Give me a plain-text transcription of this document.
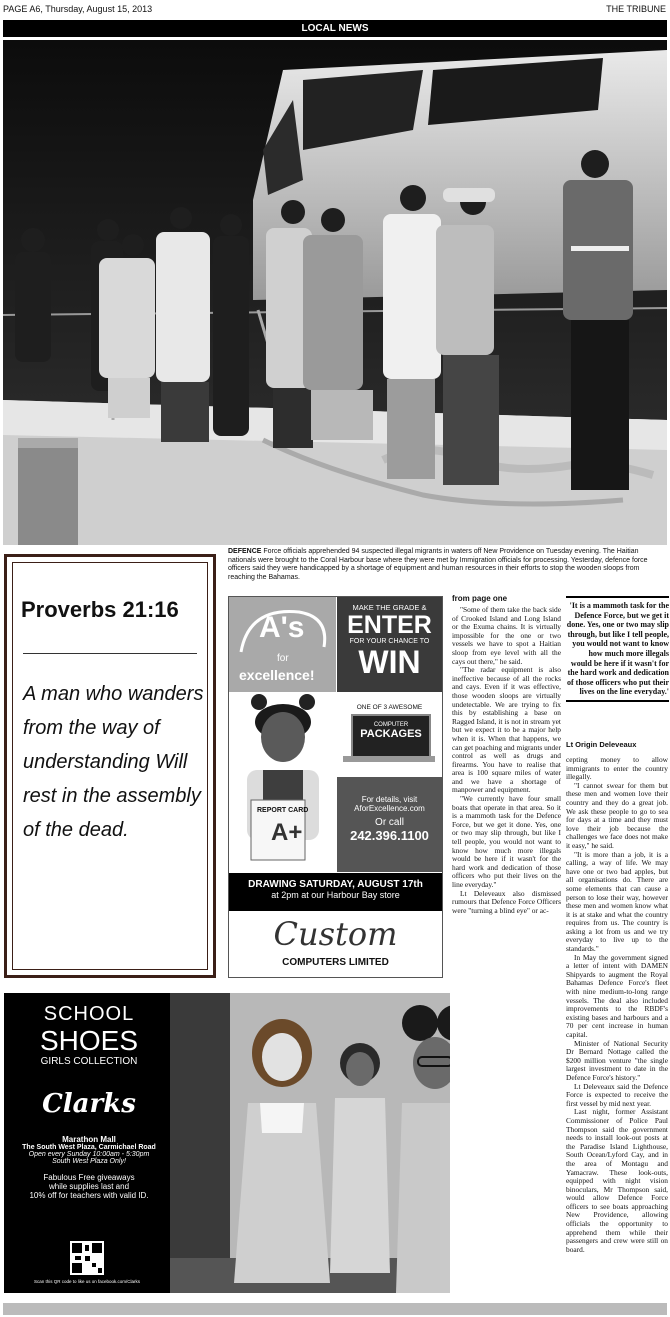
PAGE A6, Thursday, August 15, 2013	THE TRIBUNE
LOCAL NEWS
DEFENCE Force officials apprehended 94 suspected illegal migrants in waters off New Providence on Tuesday evening. The Haitian nationals were brought to the Coral Harbour base where they were met by Immigration officials for processing. Yesterday, defence force officers said they were handicapped by a shortage of equipment and human resources in their efforts to stop the wooden sloops from reaching the Bahamas.
Proverbs 21:16
A man who wanders from the way of understanding Will rest in the assembly of the dead.
A's
for
excellence!
MAKE THE GRADE &
ENTER
FOR YOUR CHANCE TO
WIN
REPORT CARD
A+
ONE OF 3 AWESOME
COMPUTER
PACKAGES
For details, visit
AforExcellence.com
Or call
242.396.1100
DRAWING SATURDAY, AUGUST 17th
at 2pm at our Harbour Bay store
Custom
COMPUTERS LIMITED
from page one

"Some of them take the back side of Crooked Island and Long Island or the Exuma chains. It is virtually impossible for the one or two vessels we have to spot a Haitian sloop from eye level with all the cays out there," he said.

"The radar equipment is also ineffective because of all the rocks and cays. Even if it was effective, those wooden sloops are virtually undetectable. We are trying to fix this by establishing a base on Ragged Island, it is not in stream yet but we expect it to be a major help when it is. When that happens, we can get poaching and migrants under control as well as drugs and firearms. You have to realise that area is 100 square miles of water and we have a shortage of manpower and equipment.

"We currently have four small boats that operate in that area. So it is a mammoth task for the Defence Force, but we get it done. Yes, one or two may slip through, but like I tell people, you would not want to know how much more illegals would be here if it wasn't for the hard work and dedication of those officers who put their lives on the line everyday."

Lt Deleveaux also dismissed rumours that Defence Force Officers were "turning a blind eye" or ac-

'It is a mammoth task for the Defence Force, but we get it done. Yes, one or two may slip through, but like I tell people, you would not want to know how much more illegals would be here if it wasn't for the hard work and dedication of those officers who put their lives on the line everyday.'
Lt Origin Deleveaux

cepting money to allow immigrants to enter the country illegally.

"I cannot swear for them but these men and women love their country and they do a great job. We ask these people to go to sea for days at a time and they must love their job because the challenges we face does not make it easy," he said.

"It is more than a job, it is a calling, a way of life. We may have one or two bad apples, but all organisations do. There are some elements that can cause a person to lose their way, however these men and women know what it is at stake and what the country requires from us. The country is asking a lot from us and we try everyday to live up to the standards."

In May the government signed a letter of intent with DAMEN Shipyards to augment the Royal Bahamas Defence Force's fleet with nine medium-to-long range vessels. The deal also included improvements to the RBDF's existing bases and harbours and a 70 per cent increase in human capital.

Minister of National Security Dr Bernard Nottage called the $200 million venture "the single largest investment to date in the Defence Force's history."

Lt Deleveaux said the Defence Force is expected to receive the first vessel by mid next year.

Last night, former Assistant Commissioner of Police Paul Thompson said the government needs to install look-out posts at the Paradise Island Lighthouse, South Ocean/Lyford Cay, and in the area of Montagu and Yamacraw. These look-outs, equipped with night vision binoculars, Mr Thompson said, would allow Defence Force officers to see boats approaching New Providence, allowing officials the opportunity to apprehend them while their passengers and crew were still on board.

SCHOOL
SHOES
GIRLS COLLECTION
Clarks
Marathon Mall
The South West Plaza, Carmichael Road
Open every Sunday 10:00am - 5:30pm
South West Plaza Only!
Fabulous Free giveaways
while supplies last and
10% off for teachers with valid ID.
Scan this QR code to like us on facebook.com/Clarks
